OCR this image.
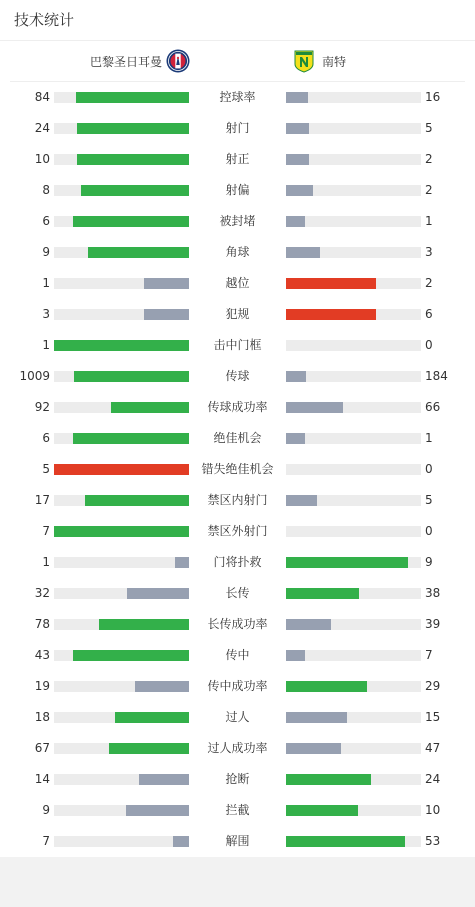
技术统计
巴黎圣日耳曼	南特
84	控球率	16
24	射门	5
10	射正	2
8	射偏	2
6	被封堵	1
9	角球	3
1	越位	2
3	犯规	6
1	击中门框	0
1009	传球	184
92	传球成功率	66
6	绝佳机会	1
5	错失绝佳机会	0
17	禁区内射门	5
7	禁区外射门	0
1	门将扑救	9
32	长传	38
78	长传成功率	39
43	传中	7
19	传中成功率	29
18	过人	15
67	过人成功率	47
14	抢断	24
9	拦截	10
7	解围	53
